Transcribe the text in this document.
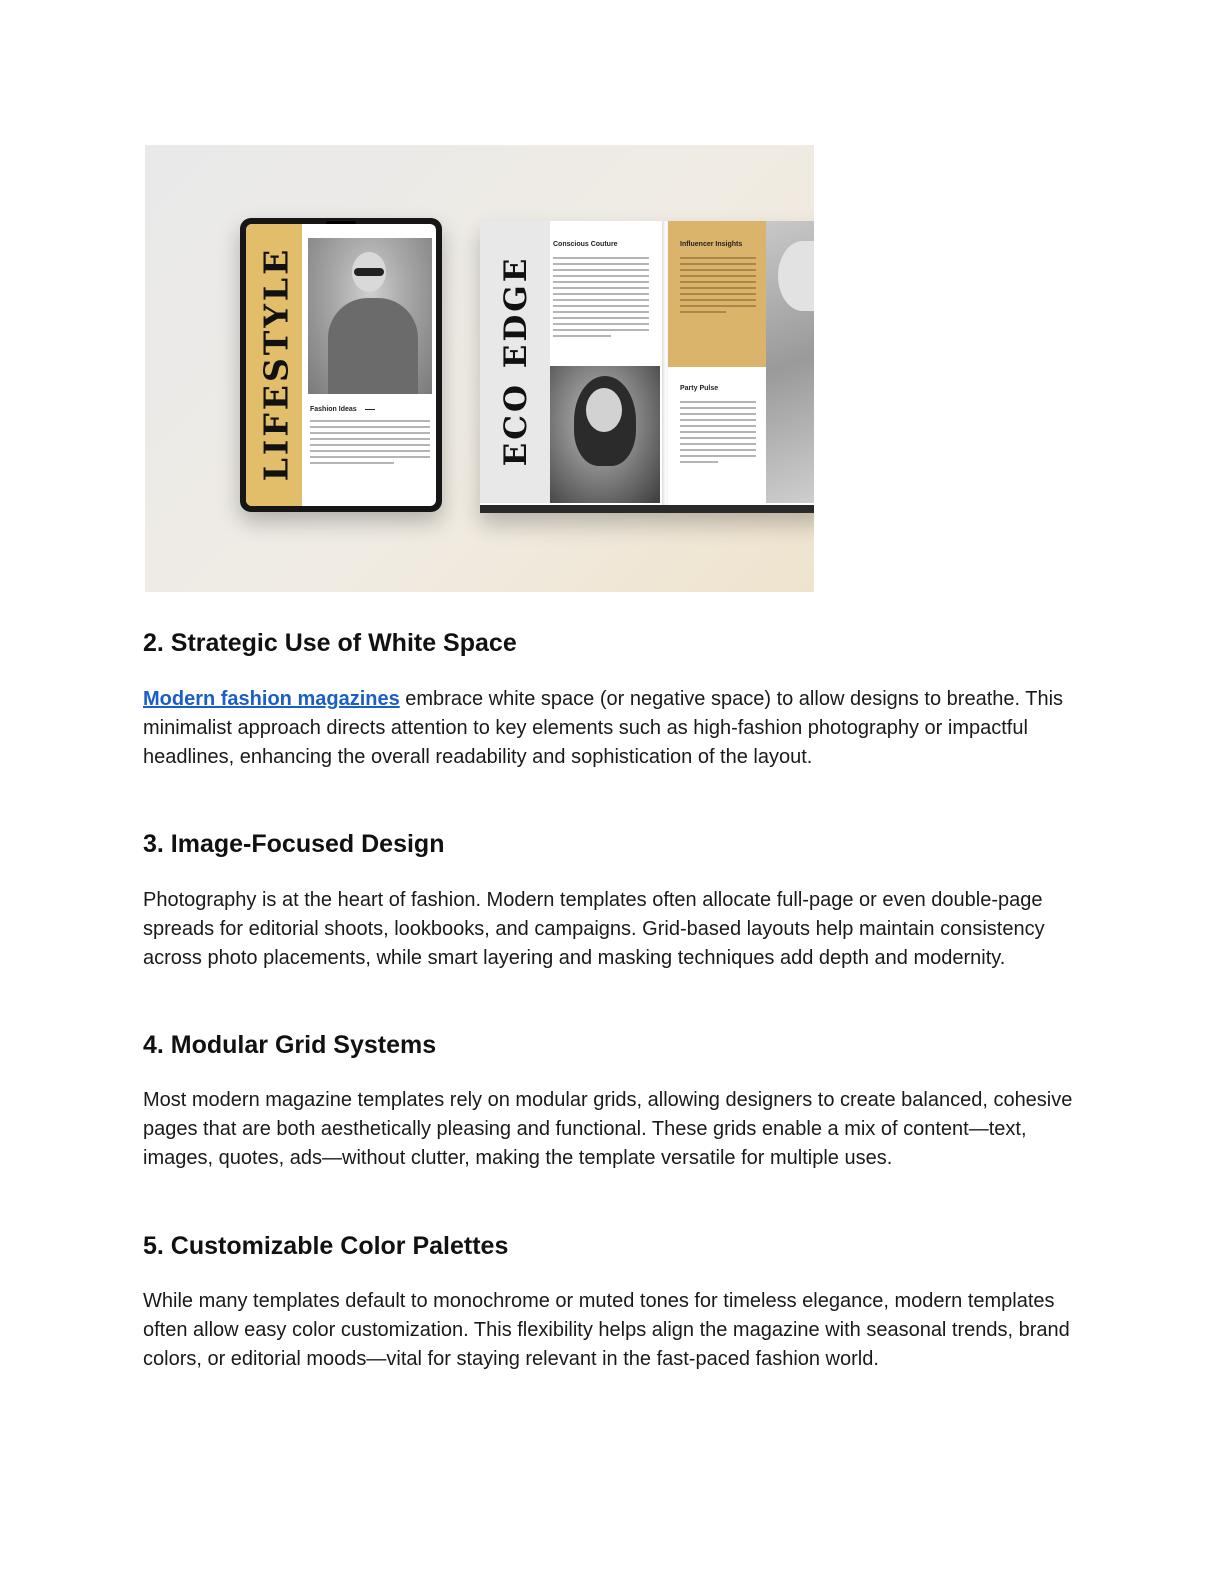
LIFESTYLE Fashion Ideas	ECO EDGE
Conscious Couture	Influencer Insights
Party Pulse
2. Strategic Use of White Space

Modern fashion magazines embrace white space (or negative space) to allow designs to breathe. This minimalist approach directs attention to key elements such as high-fashion photography or impactful headlines, enhancing the overall readability and sophistication of the layout.

3. Image-Focused Design

Photography is at the heart of fashion. Modern templates often allocate full-page or even double-page spreads for editorial shoots, lookbooks, and campaigns. Grid-based layouts help maintain consistency across photo placements, while smart layering and masking techniques add depth and modernity.

4. Modular Grid Systems

Most modern magazine templates rely on modular grids, allowing designers to create balanced, cohesive pages that are both aesthetically pleasing and functional. These grids enable a mix of content—text, images, quotes, ads—without clutter, making the template versatile for multiple uses.

5. Customizable Color Palettes

While many templates default to monochrome or muted tones for timeless elegance, modern templates often allow easy color customization. This flexibility helps align the magazine with seasonal trends, brand colors, or editorial moods—vital for staying relevant in the fast-paced fashion world.
